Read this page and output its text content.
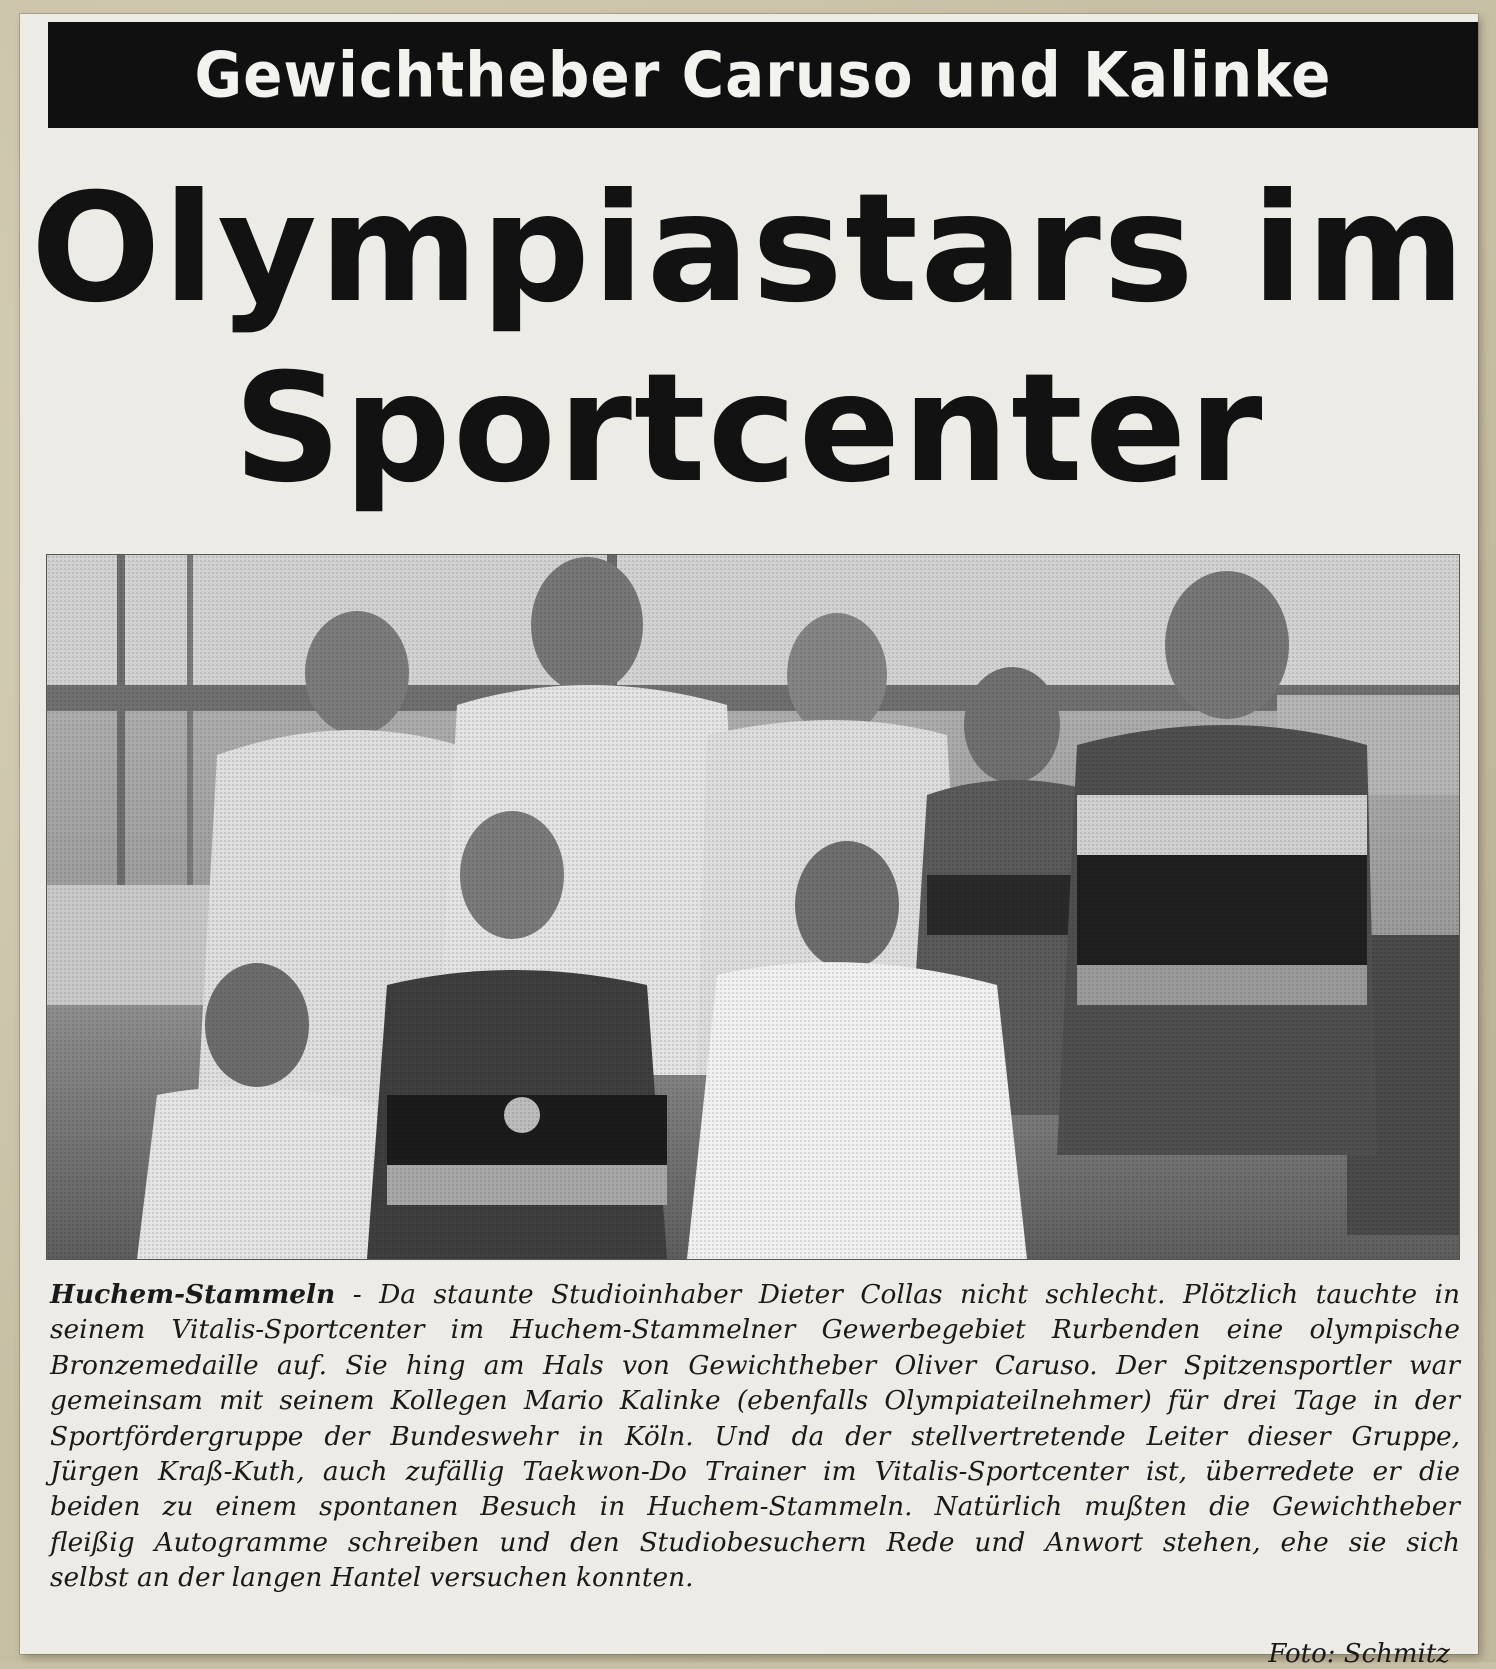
Gewichtheber Caruso und Kalinke
Olympiastars im
Sportcenter
Huchem-Stammeln - Da staunte Studioinhaber Dieter Collas nicht schlecht. Plötzlich tauchte in
seinem Vitalis-Sportcenter im Huchem-Stammelner Gewerbegebiet Rurbenden eine olympische
Bronzemedaille auf. Sie hing am Hals von Gewichtheber Oliver Caruso. Der Spitzensportler war
gemeinsam mit seinem Kollegen Mario Kalinke (ebenfalls Olympiateilnehmer) für drei Tage in der
Sportfördergruppe der Bundeswehr in Köln. Und da der stellvertretende Leiter dieser Gruppe,
Jürgen Kraß-Kuth, auch zufällig Taekwon-Do Trainer im Vitalis-Sportcenter ist, überredete er die
beiden zu einem spontanen Besuch in Huchem-Stammeln. Natürlich mußten die Gewichtheber
fleißig Autogramme schreiben und den Studiobesuchern Rede und Anwort stehen, ehe sie sich
selbst an der langen Hantel versuchen konnten.
Foto: Schmitz
